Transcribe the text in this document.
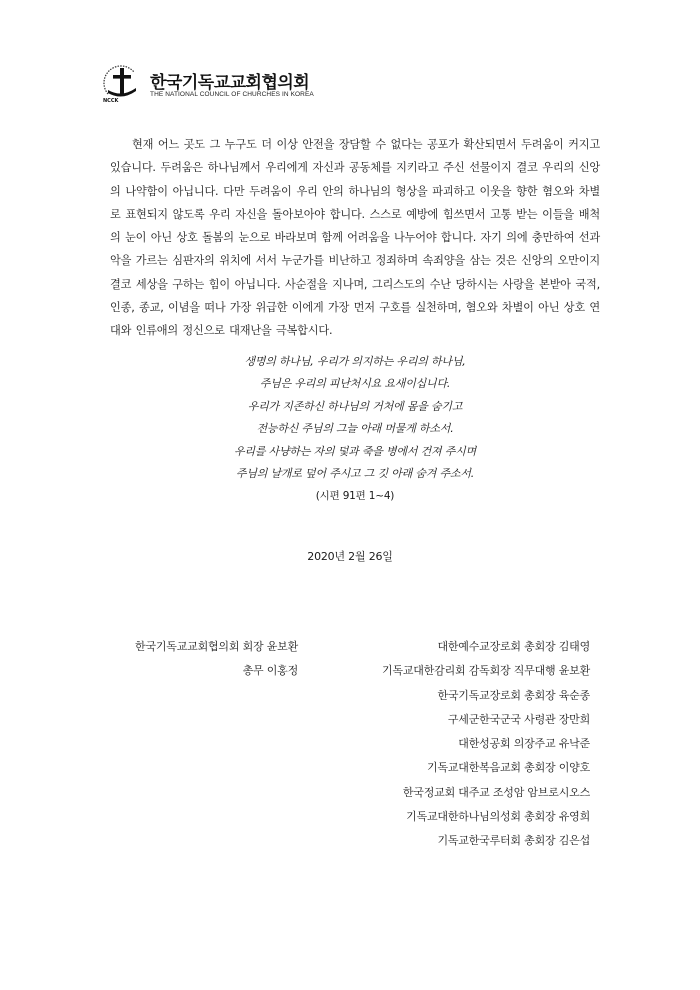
NCCK
한국기독교교회협의회
THE NATIONAL COUNCIL OF CHURCHES IN KOREA
현재 어느 곳도 그 누구도 더 이상 안전을 장담할 수 없다는 공포가 확산되면서 두려움이 커지고 있습니다. 두려움은 하나님께서 우리에게 자신과 공동체를 지키라고 주신 선물이지 결코 우리의 신앙의 나약함이 아닙니다. 다만 두려움이 우리 안의 하나님의 형상을 파괴하고 이웃을 향한 혐오와 차별로 표현되지 않도록 우리 자신을 돌아보아야 합니다. 스스로 예방에 힘쓰면서 고통 받는 이들을 배척의 눈이 아닌 상호 돌봄의 눈으로 바라보며 함께 어려움을 나누어야 합니다. 자기 의에 충만하여 선과 악을 가르는 심판자의 위치에 서서 누군가를 비난하고 정죄하며 속죄양을 삼는 것은 신앙의 오만이지 결코 세상을 구하는 힘이 아닙니다. 사순절을 지나며, 그리스도의 수난 당하시는 사랑을 본받아 국적, 인종, 종교, 이념을 떠나 가장 위급한 이에게 가장 먼저 구호를 실천하며, 혐오와 차별이 아닌 상호 연대와 인류애의 정신으로 대재난을 극복합시다.
생명의 하나님, 우리가 의지하는 우리의 하나님,
주님은 우리의 피난처시요 요새이십니다.
우리가 지존하신 하나님의 거처에 몸을 숨기고
전능하신 주님의 그늘 아래 머물게 하소서.
우리를 사냥하는 자의 덫과 죽을 병에서 건져 주시며
주님의 날개로 덮어 주시고 그 깃 아래 숨겨 주소서.
(시편 91편 1~4)
2020년 2월 26일
한국기독교교회협의회 회장 윤보환
총무 이홍정
대한예수교장로회 총회장 김태영
기독교대한감리회 감독회장 직무대행 윤보환
한국기독교장로회 총회장 육순종
구세군한국군국 사령관 장만희
대한성공회 의장주교 유낙준
기독교대한복음교회 총회장 이양호
한국정교회 대주교 조성암 암브로시오스
기독교대한하나님의성회 총회장 유영희
기독교한국루터회 총회장 김은섭
